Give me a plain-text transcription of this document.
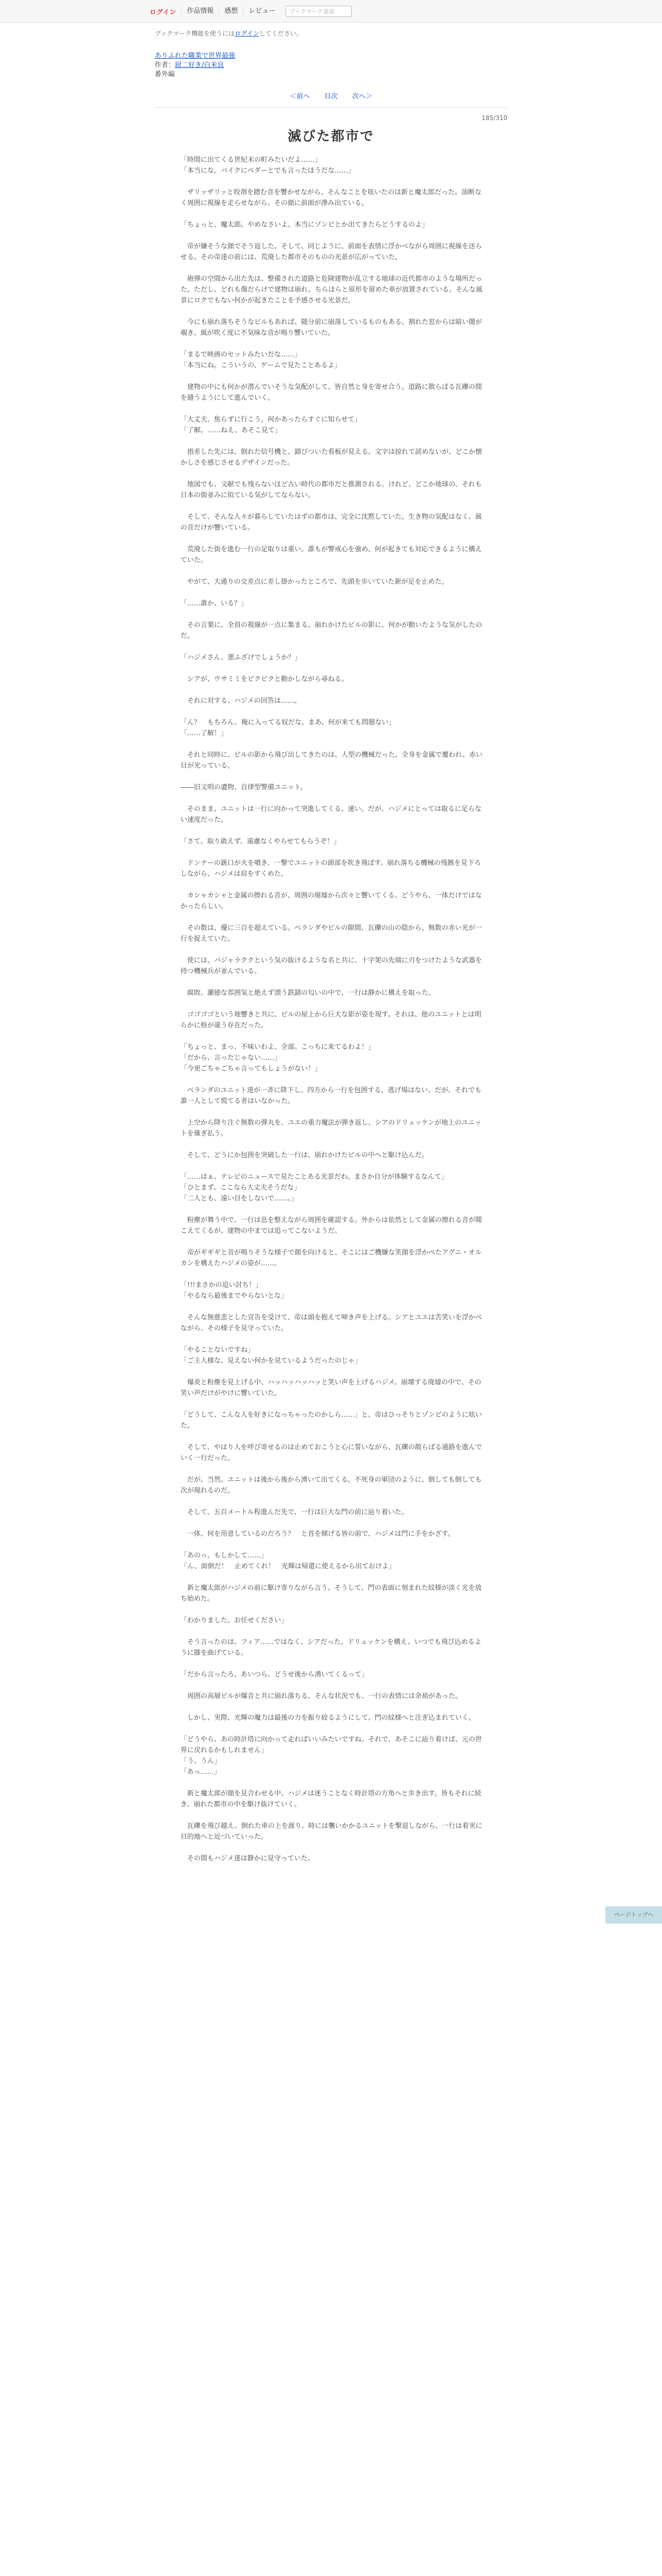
ログイン	作品情報	感想	レビュー
ブックマーク追加
ブックマーク機能を使うにはログインしてください。
ありふれた職業で世界最強
作者：厨二好き/白米良
番外編
＜前へ 目次 次へ＞
185/310
滅びた都市で

「時間に出てくる世紀末の町みたいだよ……」

「本当にな。バイクにペダーとでも言ったほうだな……」

　ザリッザリッと咬剤を踏む音を響かせながら、そんなことを呟いたのは新と魔太郎だった。油断なく周囲に視線を走らせながら、その顔に前面が滲み出ている。

「ちょっと、魔太郎。やめなさいよ。本当にゾンビとか出てきたらどうするのよ」

　帝が嫌そうな顔でそう返した。そして、同じように、前面を表情に浮かべながら周囲に視線を送らせる。その帝達の前には、荒廃した都市そのものの光景が広がっていた。

　砲弾の空間から出た先は、整備された道路と危険建物が乱立する地球の近代都市のような場所だった。ただし、どれも傷だらけで建物は崩れ、ちらほらと原形を留めた車が放置されている。そんな風景にロクでもない何かが起きたことを予感させる光景だ。

　今にも崩れ落ちそうなビルもあれば、随分前に崩落しているものもある。割れた窓からは暗い闇が覗き、風が吹く度に不気味な音が鳴り響いていた。

「まるで映画のセットみたいだな……」

「本当にね。こういうの、ゲームで見たことあるよ」

　建物の中にも何かが潜んでいそうな気配がして、皆自然と身を寄せ合う。道路に散らばる瓦礫の間を縫うようにして進んでいく。

「大丈夫、焦らずに行こう。何かあったらすぐに知らせて」

「了解。……ねえ、あそこ見て」

　指差した先には、倒れた信号機と、錆びついた看板が見える。文字は掠れて読めないが、どこか懐かしさを感じさせるデザインだった。

　地図でも、文献でも残らないほど古い時代の都市だと推測される。けれど、どこか地球の、それも日本の街並みに似ている気がしてならない。

　そして、そんな人々が暮らしていたはずの都市は、完全に沈黙していた。生き物の気配はなく、風の音だけが響いている。

　荒廃した街を進む一行の足取りは重い。誰もが警戒心を強め、何が起きても対応できるように構えていた。

　やがて、大通りの交差点に差し掛かったところで、先頭を歩いていた新が足を止めた。

「……誰か、いる？」

　その言葉に、全員の視線が一点に集まる。崩れかけたビルの影に、何かが動いたような気がしたのだ。

「ハジメさん、悪ふざけでしょうか？」

　シアが、ウサミミをピクピクと動かしながら尋ねる。

　それに対する、ハジメの回答は……。

「ん？　もちろん、俺に入ってる奴だな。まあ、何が来ても問題ない」

「……了解！」

　それと同時に、ビルの影から飛び出してきたのは、人型の機械だった。全身を金属で覆われ、赤い目が光っている。

――旧文明の遺物、自律型警備ユニット。

　そのまま、ユニットは一行に向かって突進してくる。速い。だが、ハジメにとっては取るに足らない速度だった。

「さて、取り敢えず、遠慮なくやらせてもらうぞ！」

　ドンナーの銃口が火を噴き、一撃でユニットの頭部を吹き飛ばす。崩れ落ちる機械の残骸を見下ろしながら、ハジメは肩をすくめた。

　カシャカシャと金属の擦れる音が、周囲の廃墟から次々と響いてくる。どうやら、一体だけではなかったらしい。

　その数は、優に三百を超えている。ベランダやビルの隙間、瓦礫の山の陰から、無数の赤い光が一行を捉えていた。

　使には、バジャラククという気の抜けるような名と共に、十字架の先端に刃をつけたような武器を持つ機械兵が並んでいる。

　腐敗、瀬徳な雰囲気と絶えず漂う鉄錆の匂いの中で、一行は静かに構えを取った。

　ゴゴゴゴという地響きと共に、ビルの屋上から巨大な影が姿を現す。それは、他のユニットとは明らかに格が違う存在だった。

「ちょっと、まっ、不味いわよ、全部。こっちに来てるわよ！」

「だから、言ったじゃない……」

「今更ごちゃごちゃ言ってもしょうがない！」

　ベランダのユニット達が一斉に降下し、四方から一行を包囲する。逃げ場はない。だが、それでも誰一人として慌てる者はいなかった。

　上空から降り注ぐ無数の弾丸を、ユエの重力魔法が弾き返し、シアのドリュッケンが地上のユニットを薙ぎ払う。

　そして、どうにか包囲を突破した一行は、崩れかけたビルの中へと駆け込んだ。

「……はぁ、テレビのニュースで見たことある光景だわ。まさか自分が体験するなんて」

「ひとまず、ここなら大丈夫そうだな」

「二人とも、遠い目をしないで……。」

　粉塵が舞う中で、一行は息を整えながら周囲を確認する。外からは依然として金属の擦れる音が聞こえてくるが、建物の中までは追ってこないようだ。

　帝がギギギと音が鳴りそうな様子で顔を向けると、そこにはご機嫌な笑顔を浮かべたアグニ・オルカンを構えたハジメの姿が……。

「!!!まさかの追い討ち！」

「やるなら最後までやらないとな」

　そんな無慈悲とした宣告を受けて、帝は頭を抱えて呻き声を上げる。シアとユエは苦笑いを浮かべながら、その様子を見守っていた。

「やることないですね」

「ご主人様な、見えない何かを見ているようだったのじゃ」

　爆炎と粉塵を見上げる中、ハッハッハッハッと笑い声を上げるハジメ。崩壊する廃墟の中で、その笑い声だけがやけに響いていた。

「どうして、こんな人を好きになっちゃったのかしら……」と、帝はひっそりとゾンビのように呟いた。

　そして、やはり人を呼び寄せるのは止めておこうと心に誓いながら、瓦礫の散らばる通路を進んでいく一行だった。

　だが、当然、ユニットは後から後から湧いて出てくる。不死身の軍団のように、倒しても倒しても次が現れるのだ。

　そして、五百メートル程進んだ先で、一行は巨大な門の前に辿り着いた。

　一体、何を用意しているのだろう？　と首を傾げる皆の前で、ハジメは門に手をかざす。

「あのっ、もしかして……」

「ん、面倒だ！　止めてくれ！　光輝は帰還に使えるから出ておけよ」

　新と魔太郎がハジメの前に駆け寄りながら言う。そうして、門の表面に刻まれた紋様が淡く光を放ち始めた。

「わかりました。お任せください」

　そう言ったのは、フィア……ではなく、シアだった。ドリュッケンを構え、いつでも飛び込めるように膝を曲げている。

「だから言ったろ、あいつら、どうせ後から湧いてくるって」

　周囲の高層ビルが爆音と共に崩れ落ちる。そんな状況でも、一行の表情には余裕があった。

　しかし、実際、光輝の魔力は最後の力を振り絞るようにして、門の紋様へと注ぎ込まれていく。

「どうやら、あの時計塔に向かって走ればいいみたいですね。それで、あそこに辿り着けば、元の世界に戻れるかもしれません」

「う、うん」

「あっ……」

　新と魔太郎が顔を見合わせる中、ハジメは迷うことなく時計塔の方角へと歩き出す。皆もそれに続き、崩れた都市の中を駆け抜けていく。

　瓦礫を飛び越え、倒れた車の上を渡り、時には襲いかかるユニットを撃退しながら、一行は着実に目的地へと近づいていった。

　その間もハジメ達は静かに見守っていた。

ページトップへ
